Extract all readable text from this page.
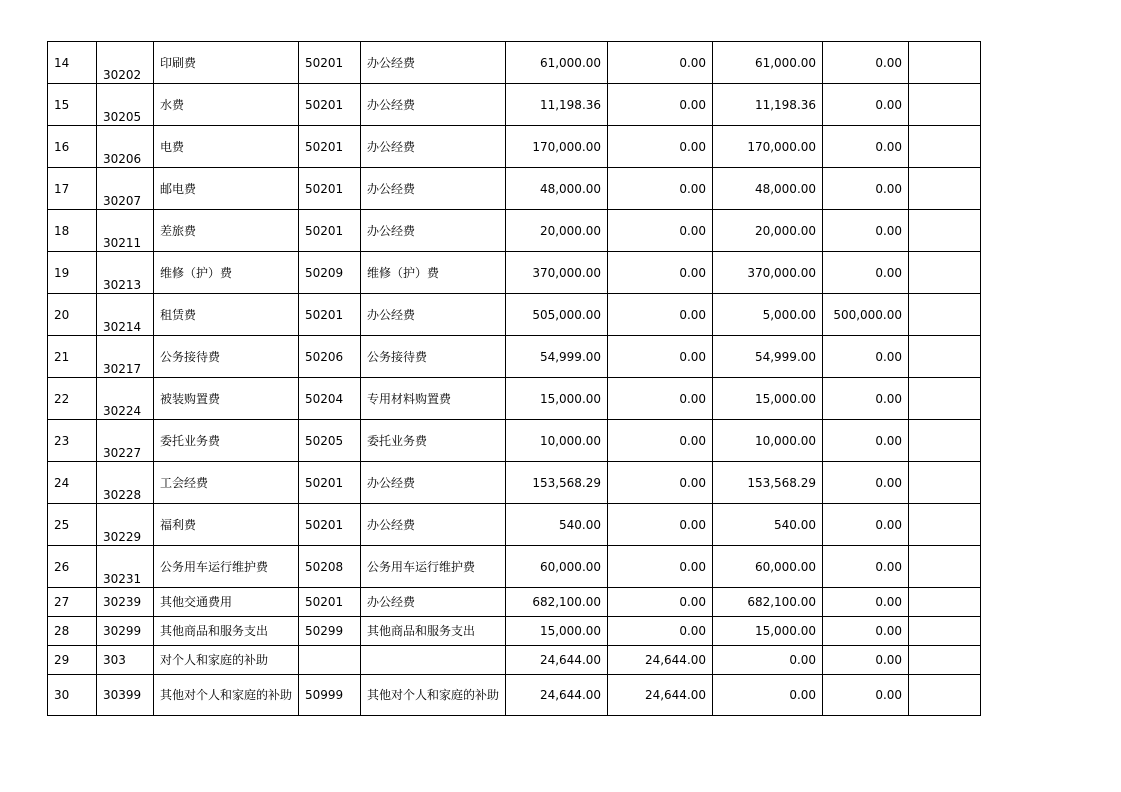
14	30202	印刷费	50201	办公经费	61,000.00	0.00	61,000.00	0.00	
15	30205	水费	50201	办公经费	11,198.36	0.00	11,198.36	0.00	
16	30206	电费	50201	办公经费	170,000.00	0.00	170,000.00	0.00	
17	30207	邮电费	50201	办公经费	48,000.00	0.00	48,000.00	0.00	
18	30211	差旅费	50201	办公经费	20,000.00	0.00	20,000.00	0.00	
19	30213	维修（护）费	50209	维修（护）费	370,000.00	0.00	370,000.00	0.00	
20	30214	租赁费	50201	办公经费	505,000.00	0.00	5,000.00	500,000.00	
21	30217	公务接待费	50206	公务接待费	54,999.00	0.00	54,999.00	0.00	
22	30224	被装购置费	50204	专用材料购置费	15,000.00	0.00	15,000.00	0.00	
23	30227	委托业务费	50205	委托业务费	10,000.00	0.00	10,000.00	0.00	
24	30228	工会经费	50201	办公经费	153,568.29	0.00	153,568.29	0.00	
25	30229	福利费	50201	办公经费	540.00	0.00	540.00	0.00	
26	30231	公务用车运行维护费	50208	公务用车运行维护费	60,000.00	0.00	60,000.00	0.00	
27	30239	其他交通费用	50201	办公经费	682,100.00	0.00	682,100.00	0.00	
28	30299	其他商品和服务支出	50299	其他商品和服务支出	15,000.00	0.00	15,000.00	0.00	
29	303	对个人和家庭的补助			24,644.00	24,644.00	0.00	0.00	
30	30399	其他对个人和家庭的补助	50999	其他对个人和家庭的补助	24,644.00	24,644.00	0.00	0.00	
